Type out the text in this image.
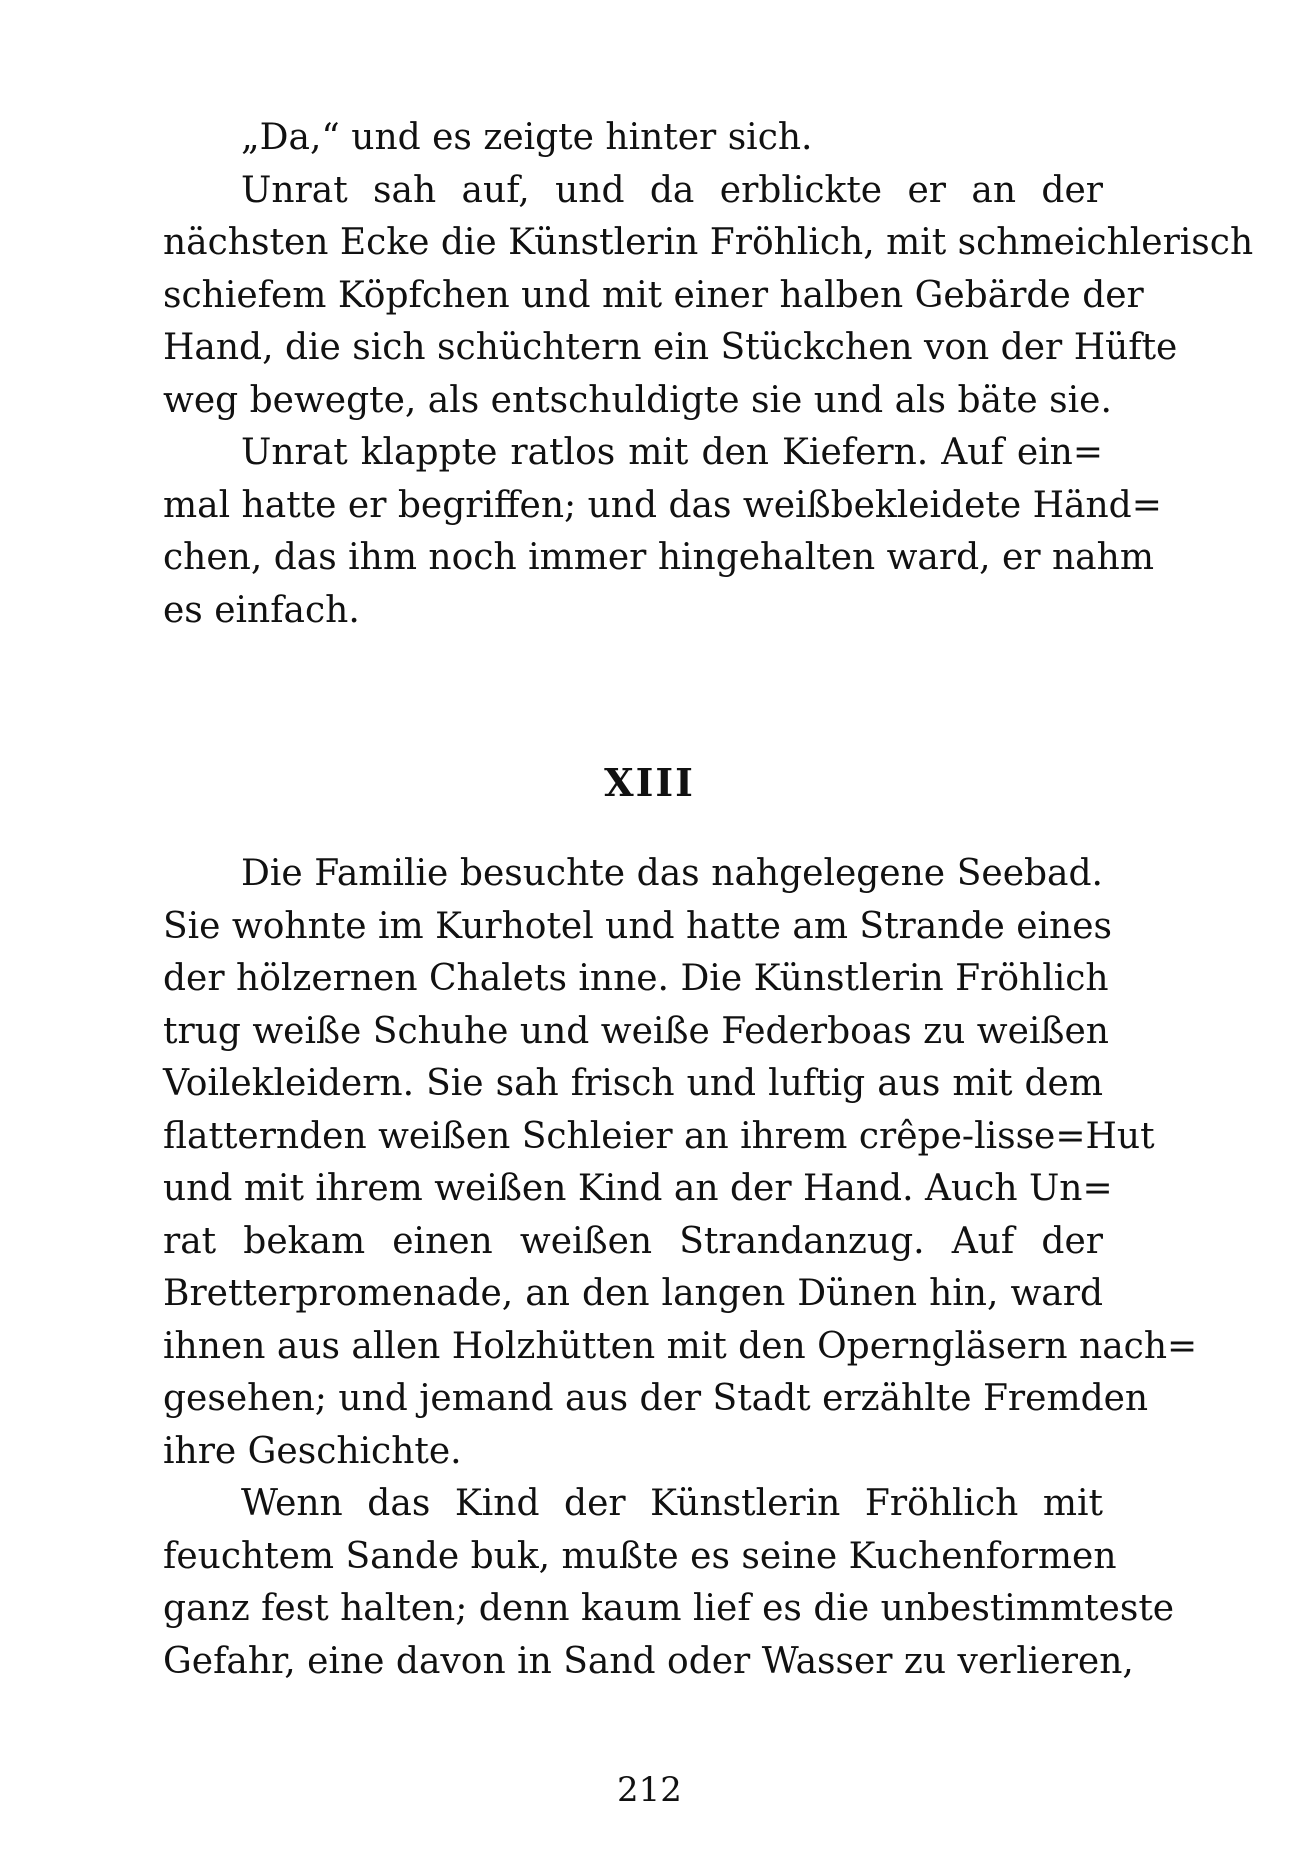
„Da,“ und es zeigte hinter sich.
Unrat sah auf, und da erblickte er an der
nächsten Ecke die Künstlerin Fröhlich, mit schmeichlerisch
schiefem Köpfchen und mit einer halben Gebärde der
Hand, die sich schüchtern ein Stückchen von der Hüfte
weg bewegte, als entschuldigte sie und als bäte sie.
Unrat klappte ratlos mit den Kiefern. Auf ein=
mal hatte er begriffen; und das weißbekleidete Händ=
chen, das ihm noch immer hingehalten ward, er nahm
es einfach.
XIII
Die Familie besuchte das nahgelegene Seebad.
Sie wohnte im Kurhotel und hatte am Strande eines
der hölzernen Chalets inne. Die Künstlerin Fröhlich
trug weiße Schuhe und weiße Federboas zu weißen
Voilekleidern. Sie sah frisch und luftig aus mit dem
flatternden weißen Schleier an ihrem crêpe-lisse=Hut
und mit ihrem weißen Kind an der Hand. Auch Un=
rat bekam einen weißen Strandanzug. Auf der
Bretterpromenade, an den langen Dünen hin, ward
ihnen aus allen Holzhütten mit den Operngläsern nach=
gesehen; und jemand aus der Stadt erzählte Fremden
ihre Geschichte.
Wenn das Kind der Künstlerin Fröhlich mit
feuchtem Sande buk, mußte es seine Kuchenformen
ganz fest halten; denn kaum lief es die unbestimmteste
Gefahr, eine davon in Sand oder Wasser zu verlieren,
212
